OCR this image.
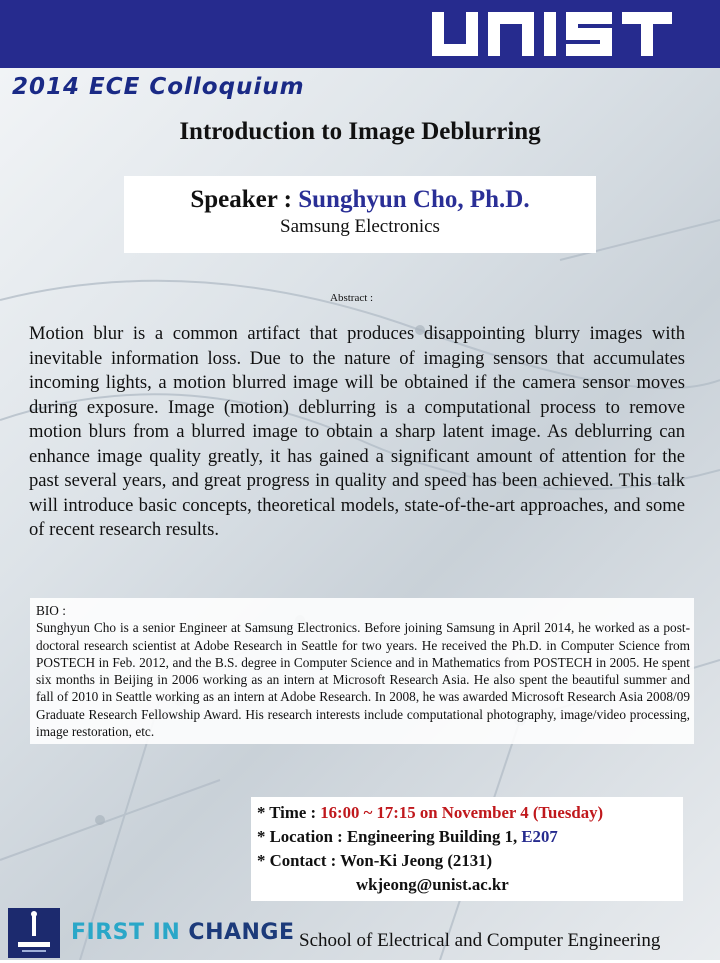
2014 ECE Colloquium
Introduction to Image Deblurring
Speaker : Sunghyun Cho, Ph.D.
Samsung Electronics
Abstract :
Motion blur is a common artifact that produces disappointing blurry images with inevitable information loss. Due to the nature of imaging sensors that accumulates incoming lights, a motion blurred image will be obtained if the camera sensor moves during exposure. Image (motion) deblurring is a computational process to remove motion blurs from a blurred image to obtain a sharp latent image. As deblurring can enhance image quality greatly, it has gained a significant amount of attention for the past several years, and great progress in quality and speed has been achieved. This talk will introduce basic concepts, theoretical models, state-of-the-art approaches, and some of recent research results.
BIO :
Sunghyun Cho is a senior Engineer at Samsung Electronics. Before joining Samsung in April 2014, he worked as a post-doctoral research scientist at Adobe Research in Seattle for two years. He received the Ph.D. in Computer Science from POSTECH in Feb. 2012, and the B.S. degree in Computer Science and in Mathematics from POSTECH in 2005. He spent six months in Beijing in 2006 working as an intern at Microsoft Research Asia. He also spent the beautiful summer and fall of 2010 in Seattle working as an intern at Adobe Research. In 2008, he was awarded Microsoft Research Asia 2008/09 Graduate Research Fellowship Award. His research interests include computational photography, image/video processing, image restoration, etc.
* Time : 16:00 ~ 17:15 on November 4 (Tuesday)
* Location : Engineering Building 1, E207
* Contact : Won-Ki Jeong (2131)
wkjeong@unist.ac.kr
FIRST IN CHANGE School of Electrical and Computer Engineering
